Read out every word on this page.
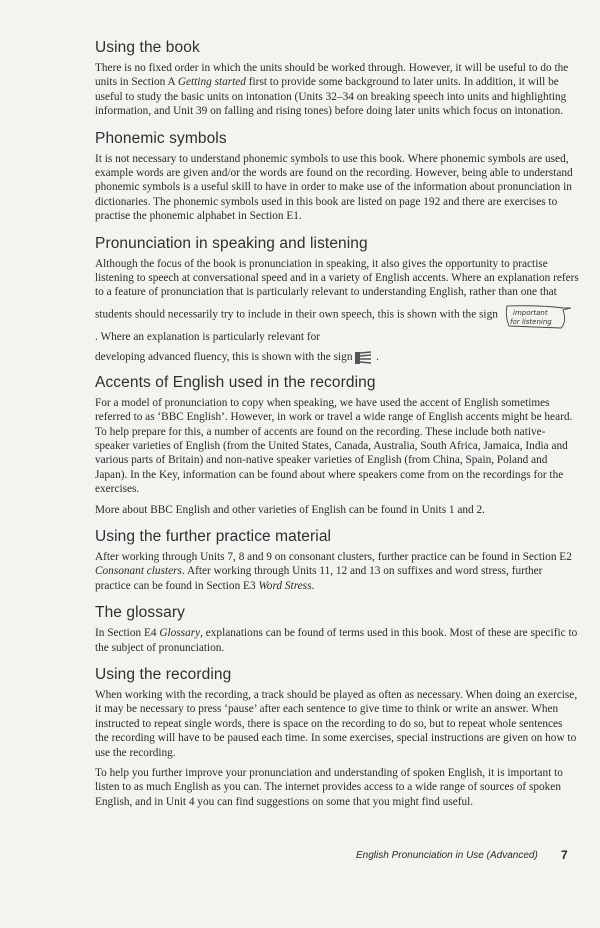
Using the book

There is no fixed order in which the units should be worked through. However, it will be useful to do the units in Section A Getting started first to provide some background to later units. In addition, it will be useful to study the basic units on intonation (Units 32–34 on breaking speech into units and highlighting information, and Unit 39 on falling and rising tones) before doing later units which focus on intonation.

Phonemic symbols

It is not necessary to understand phonemic symbols to use this book. Where phonemic symbols are used, example words are given and/or the words are found on the recording. However, being able to understand phonemic symbols is a useful skill to have in order to make use of the information about pronunciation in dictionaries. The phonemic symbols used in this book are listed on page 192 and there are exercises to practise the phonemic alphabet in Section E1.

Pronunciation in speaking and listening

Although the focus of the book is pronunciation in speaking, it also gives the opportunity to practise listening to speech at conversational speed and in a variety of English accents. Where an explanation refers to a feature of pronunciation that is particularly relevant to understanding English, rather than one that students should necessarily try to include in their own speech, this is shown with the sign important
for listening
. Where an explanation is particularly relevant for
developing advanced fluency, this is shown with the sign .

Accents of English used in the recording

For a model of pronunciation to copy when speaking, we have used the accent of English sometimes referred to as ‘BBC English’. However, in work or travel a wide range of English accents might be heard. To help prepare for this, a number of accents are found on the recording. These include both native-speaker varieties of English (from the United States, Canada, Australia, South Africa, Jamaica, India and various parts of Britain) and non-native speaker varieties of English (from China, Spain, Poland and Japan). In the Key, information can be found about where speakers come from on the recordings for the exercises.

More about BBC English and other varieties of English can be found in Units 1 and 2.

Using the further practice material

After working through Units 7, 8 and 9 on consonant clusters, further practice can be found in Section E2 Consonant clusters. After working through Units 11, 12 and 13 on suffixes and word stress, further practice can be found in Section E3 Word Stress.

The glossary

In Section E4 Glossary, explanations can be found of terms used in this book. Most of these are specific to the subject of pronunciation.

Using the recording

When working with the recording, a track should be played as often as necessary. When doing an exercise, it may be necessary to press ‘pause’ after each sentence to give time to think or write an answer. When instructed to repeat single words, there is space on the recording to do so, but to repeat whole sentences the recording will have to be paused each time. In some exercises, special instructions are given on how to use the recording.

To help you further improve your pronunciation and understanding of spoken English, it is important to listen to as much English as you can. The internet provides access to a wide range of sources of spoken English, and in Unit 4 you can find suggestions on some that you might find useful.

English Pronunciation in Use (Advanced) 7
